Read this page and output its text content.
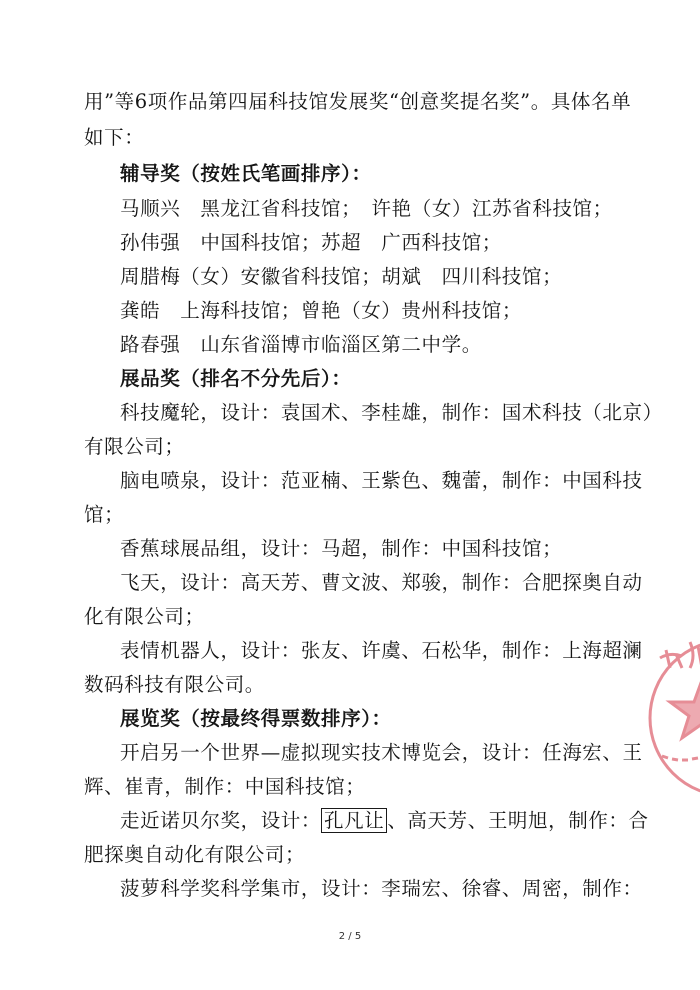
用”等6项作品第四届科技馆发展奖“创意奖提名奖”。具体名单
如下：
辅导奖（按姓氏笔画排序）：
马顺兴　黑龙江省科技馆；　许艳（女）江苏省科技馆；
孙伟强　中国科技馆；苏超　广西科技馆；
周腊梅（女）安徽省科技馆；胡斌　四川科技馆；
龚皓　上海科技馆；曾艳（女）贵州科技馆；
路春强　山东省淄博市临淄区第二中学。
展品奖（排名不分先后）：
科技魔轮，设计：袁国术、李桂雄，制作：国术科技（北京）
有限公司；
脑电喷泉，设计：范亚楠、王紫色、魏蕾，制作：中国科技
馆；
香蕉球展品组，设计：马超，制作：中国科技馆；
飞天，设计：高天芳、曹文波、郑骏，制作：合肥探奥自动
化有限公司；
表情机器人，设计：张友、许虞、石松华，制作：上海超澜
数码科技有限公司。
展览奖（按最终得票数排序）：
开启另一个世界—虚拟现实技术博览会，设计：任海宏、王
辉、崔青，制作：中国科技馆；
走近诺贝尔奖，设计： 孔凡让 、高天芳、王明旭，制作：合
肥探奥自动化有限公司；
菠萝科学奖科学集市，设计：李瑞宏、徐睿、周密，制作：
2 / 5
